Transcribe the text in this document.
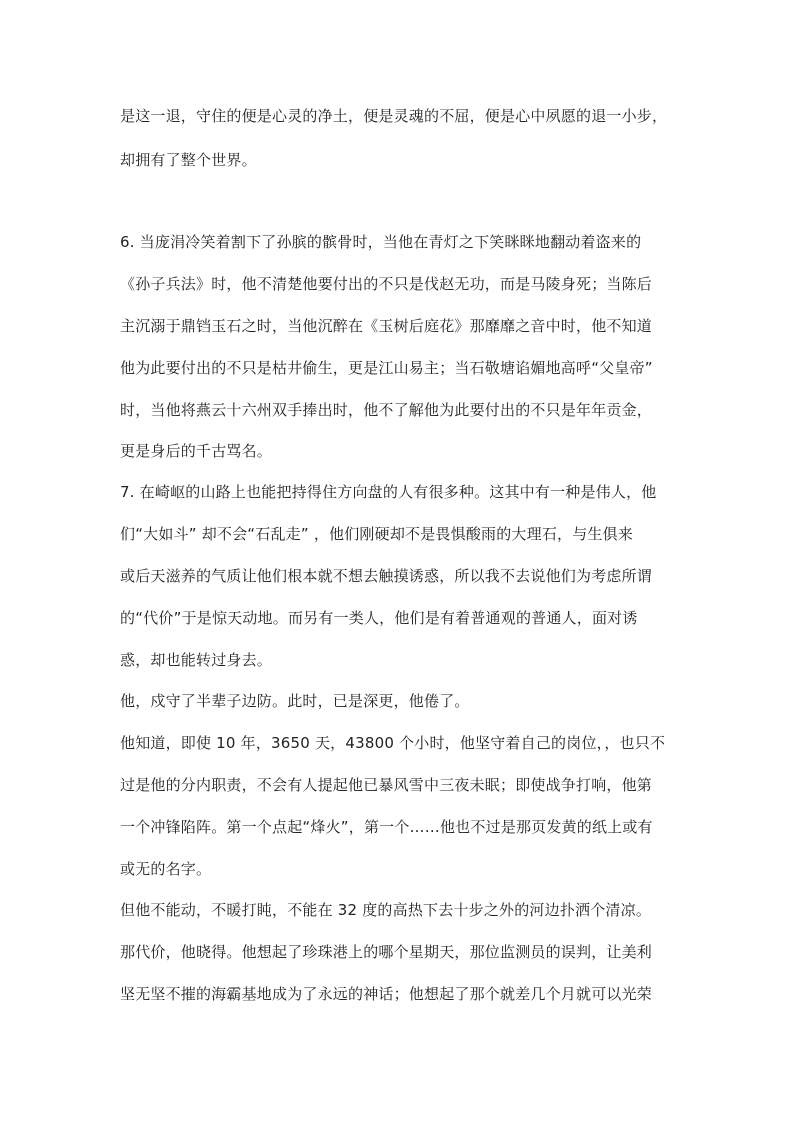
是这一退，守住的便是心灵的净土，便是灵魂的不屈，便是心中夙愿的退一小步，
却拥有了整个世界。
6. 当庞涓冷笑着割下了孙膑的髌骨时，当他在青灯之下笑眯眯地翻动着盗来的
《孙子兵法》时，他不清楚他要付出的不只是伐赵无功，而是马陵身死；当陈后
主沉溺于鼎铛玉石之时，当他沉醉在《玉树后庭花》那靡靡之音中时，他不知道
他为此要付出的不只是枯井偷生，更是江山易主；当石敬塘谄媚地高呼“父皇帝”
时，当他将燕云十六州双手捧出时，他不了解他为此要付出的不只是年年贡金，
更是身后的千古骂名。
7. 在崎岖的山路上也能把持得住方向盘的人有很多种。这其中有一种是伟人，他
们“大如斗” 却不会“石乱走” ，他们刚硬却不是畏惧酸雨的大理石，与生俱来
或后天滋养的气质让他们根本就不想去触摸诱惑，所以我不去说他们为考虑所谓
的“代价”于是惊天动地。而另有一类人，他们是有着普通观的普通人，面对诱
惑，却也能转过身去。
他，戍守了半辈子边防。此时，已是深更，他倦了。
他知道，即使 10 年，3650 天，43800 个小时，他坚守着自己的岗位，，也只不
过是他的分内职责，不会有人提起他已暴风雪中三夜未眠；即使战争打响，他第
一个冲锋陷阵。第一个点起“烽火”，第一个……他也不过是那页发黄的纸上或有
或无的名字。
但他不能动，不暖打盹，不能在 32 度的高热下去十步之外的河边扑洒个清凉。
那代价，他晓得。他想起了珍珠港上的哪个星期天，那位监测员的误判，让美利
坚无坚不摧的海霸基地成为了永远的神话；他想起了那个就差几个月就可以光荣
